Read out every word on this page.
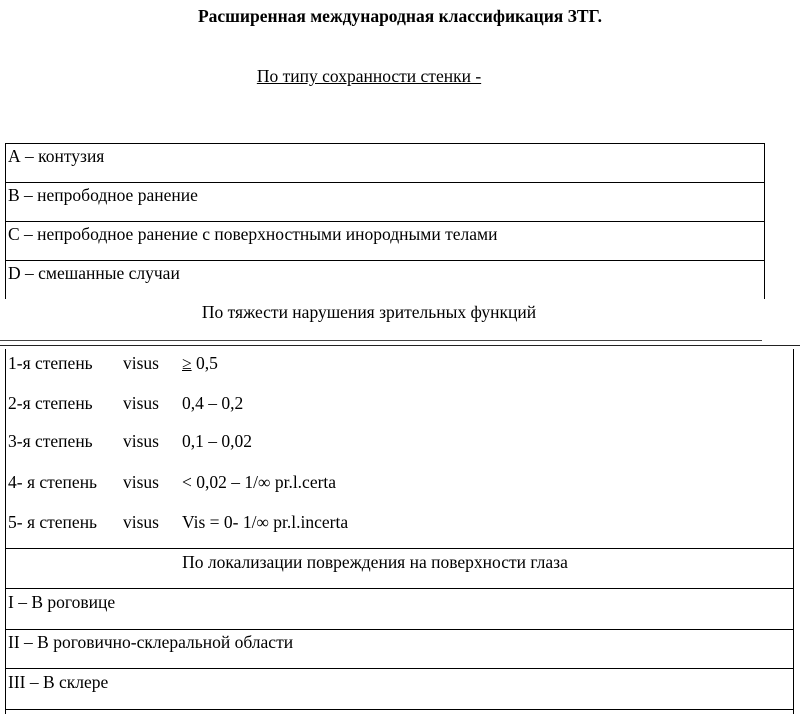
Расширенная международная классификация ЗТГ.
По типу сохранности стенки -
А – контузия
В – непрободное ранение
С – непрободное ранение с поверхностными инородными телами
D – смешанные случаи
По тяжести нарушения зрительных функций
1-я степень visus ≥ 0,5
2-я степень visus 0,4 – 0,2
3-я степень visus 0,1 – 0,02
4- я степень visus < 0,02 – 1/∞ pr.l.certa
5- я степень visus Vis = 0- 1/∞ pr.l.incerta
По локализации повреждения на поверхности глаза
I – В роговице
II – В роговично-склеральной области
III – В склере
